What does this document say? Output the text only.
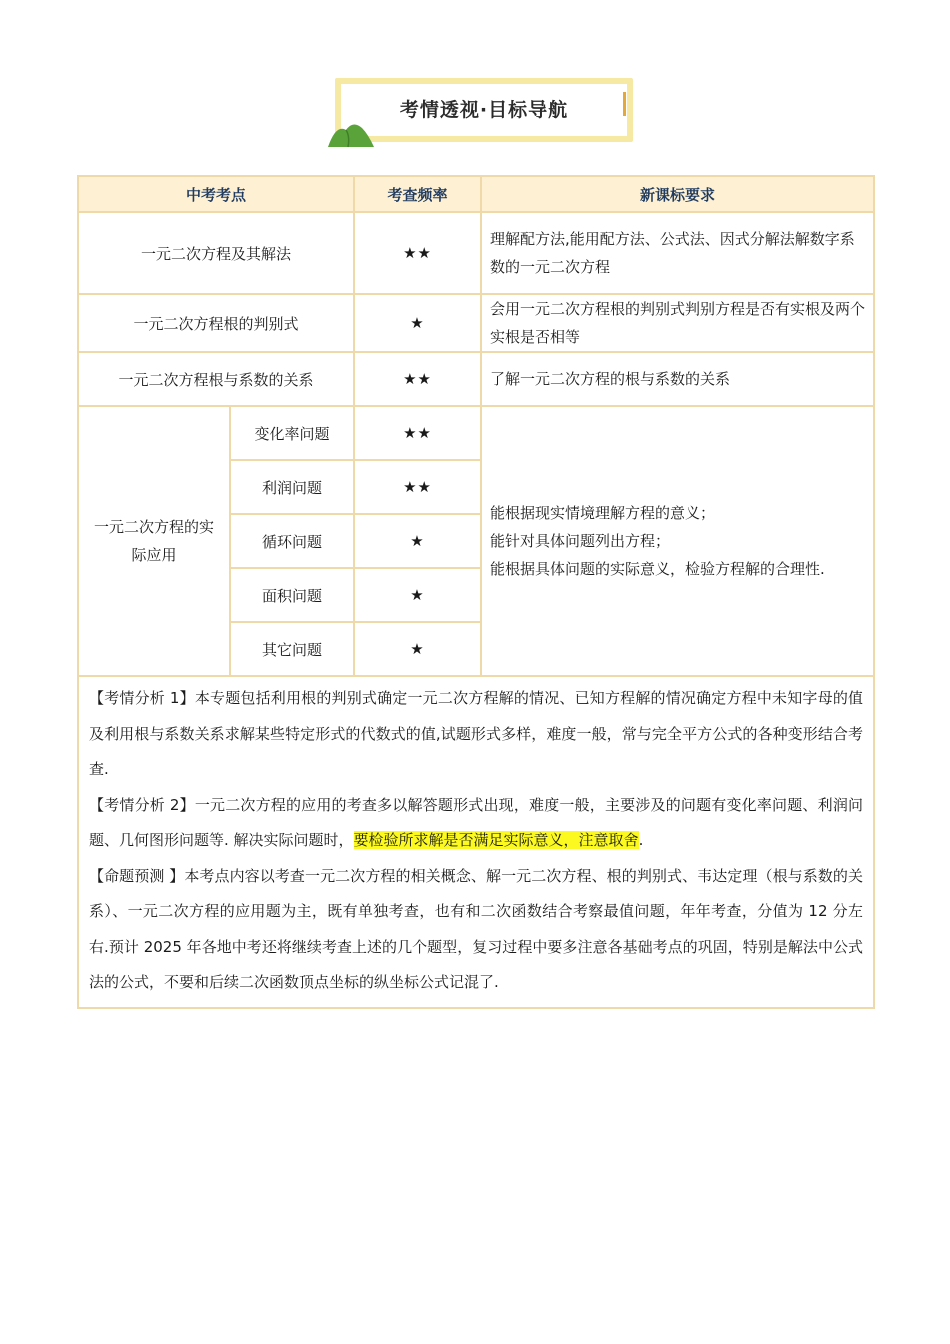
考情透视·目标导航
中考考点		考查频率	新课标要求
一元二次方程及其解法		★★	理解配方法,能用配方法、公式法、因式分解法解数字系数的一元二次方程
一元二次方程根的判别式		★	会用一元二次方程根的判别式判别方程是否有实根及两个实根是否相等
一元二次方程根与系数的关系		★★	了解一元二次方程的根与系数的关系
一元二次方程的实际应用	变化率问题	★★	能根据现实情境理解方程的意义；
能针对具体问题列出方程；
能根据具体问题的实际意义，检验方程解的合理性.

	利润问题	★★	
	循环问题	★	
	面积问题	★	
	其它问题	★	

【考情分析 1】本专题包括利用根的判别式确定一元二次方程解的情况、已知方程解的情况确定方程中未知字母的值及利用根与系数关系求解某些特定形式的代数式的值,试题形式多样，难度一般，常与完全平方公式的各种变形结合考查.

【考情分析 2】一元二次方程的应用的考查多以解答题形式出现，难度一般，主要涉及的问题有变化率问题、利润问题、几何图形问题等. 解决实际问题时，要检验所求解是否满足实际意义，注意取舍.

【命题预测 】本考点内容以考查一元二次方程的相关概念、解一元二次方程、根的判别式、韦达定理（根与系数的关系）、一元二次方程的应用题为主，既有单独考查，也有和二次函数结合考察最值问题，年年考查，分值为 12 分左右.预计 2025 年各地中考还将继续考查上述的几个题型，复习过程中要多注意各基础考点的巩固，特别是解法中公式法的公式，不要和后续二次函数顶点坐标的纵坐标公式记混了.			
